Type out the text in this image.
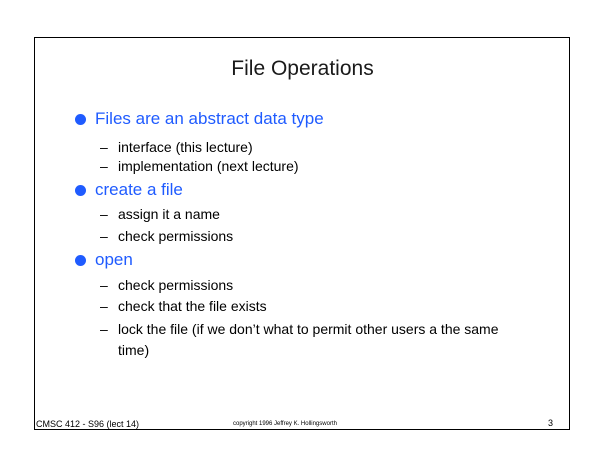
File Operations
Files are an abstract data type
– interface (this lecture)
– implementation (next lecture)
create a file
– assign it a name
– check permissions
open
– check permissions
– check that the file exists
– lock the file (if we don’t what to permit other users a the same time)
CMSC 412 - S96 (lect 14)	copyright 1996 Jeffrey K. Hollingsworth	3
